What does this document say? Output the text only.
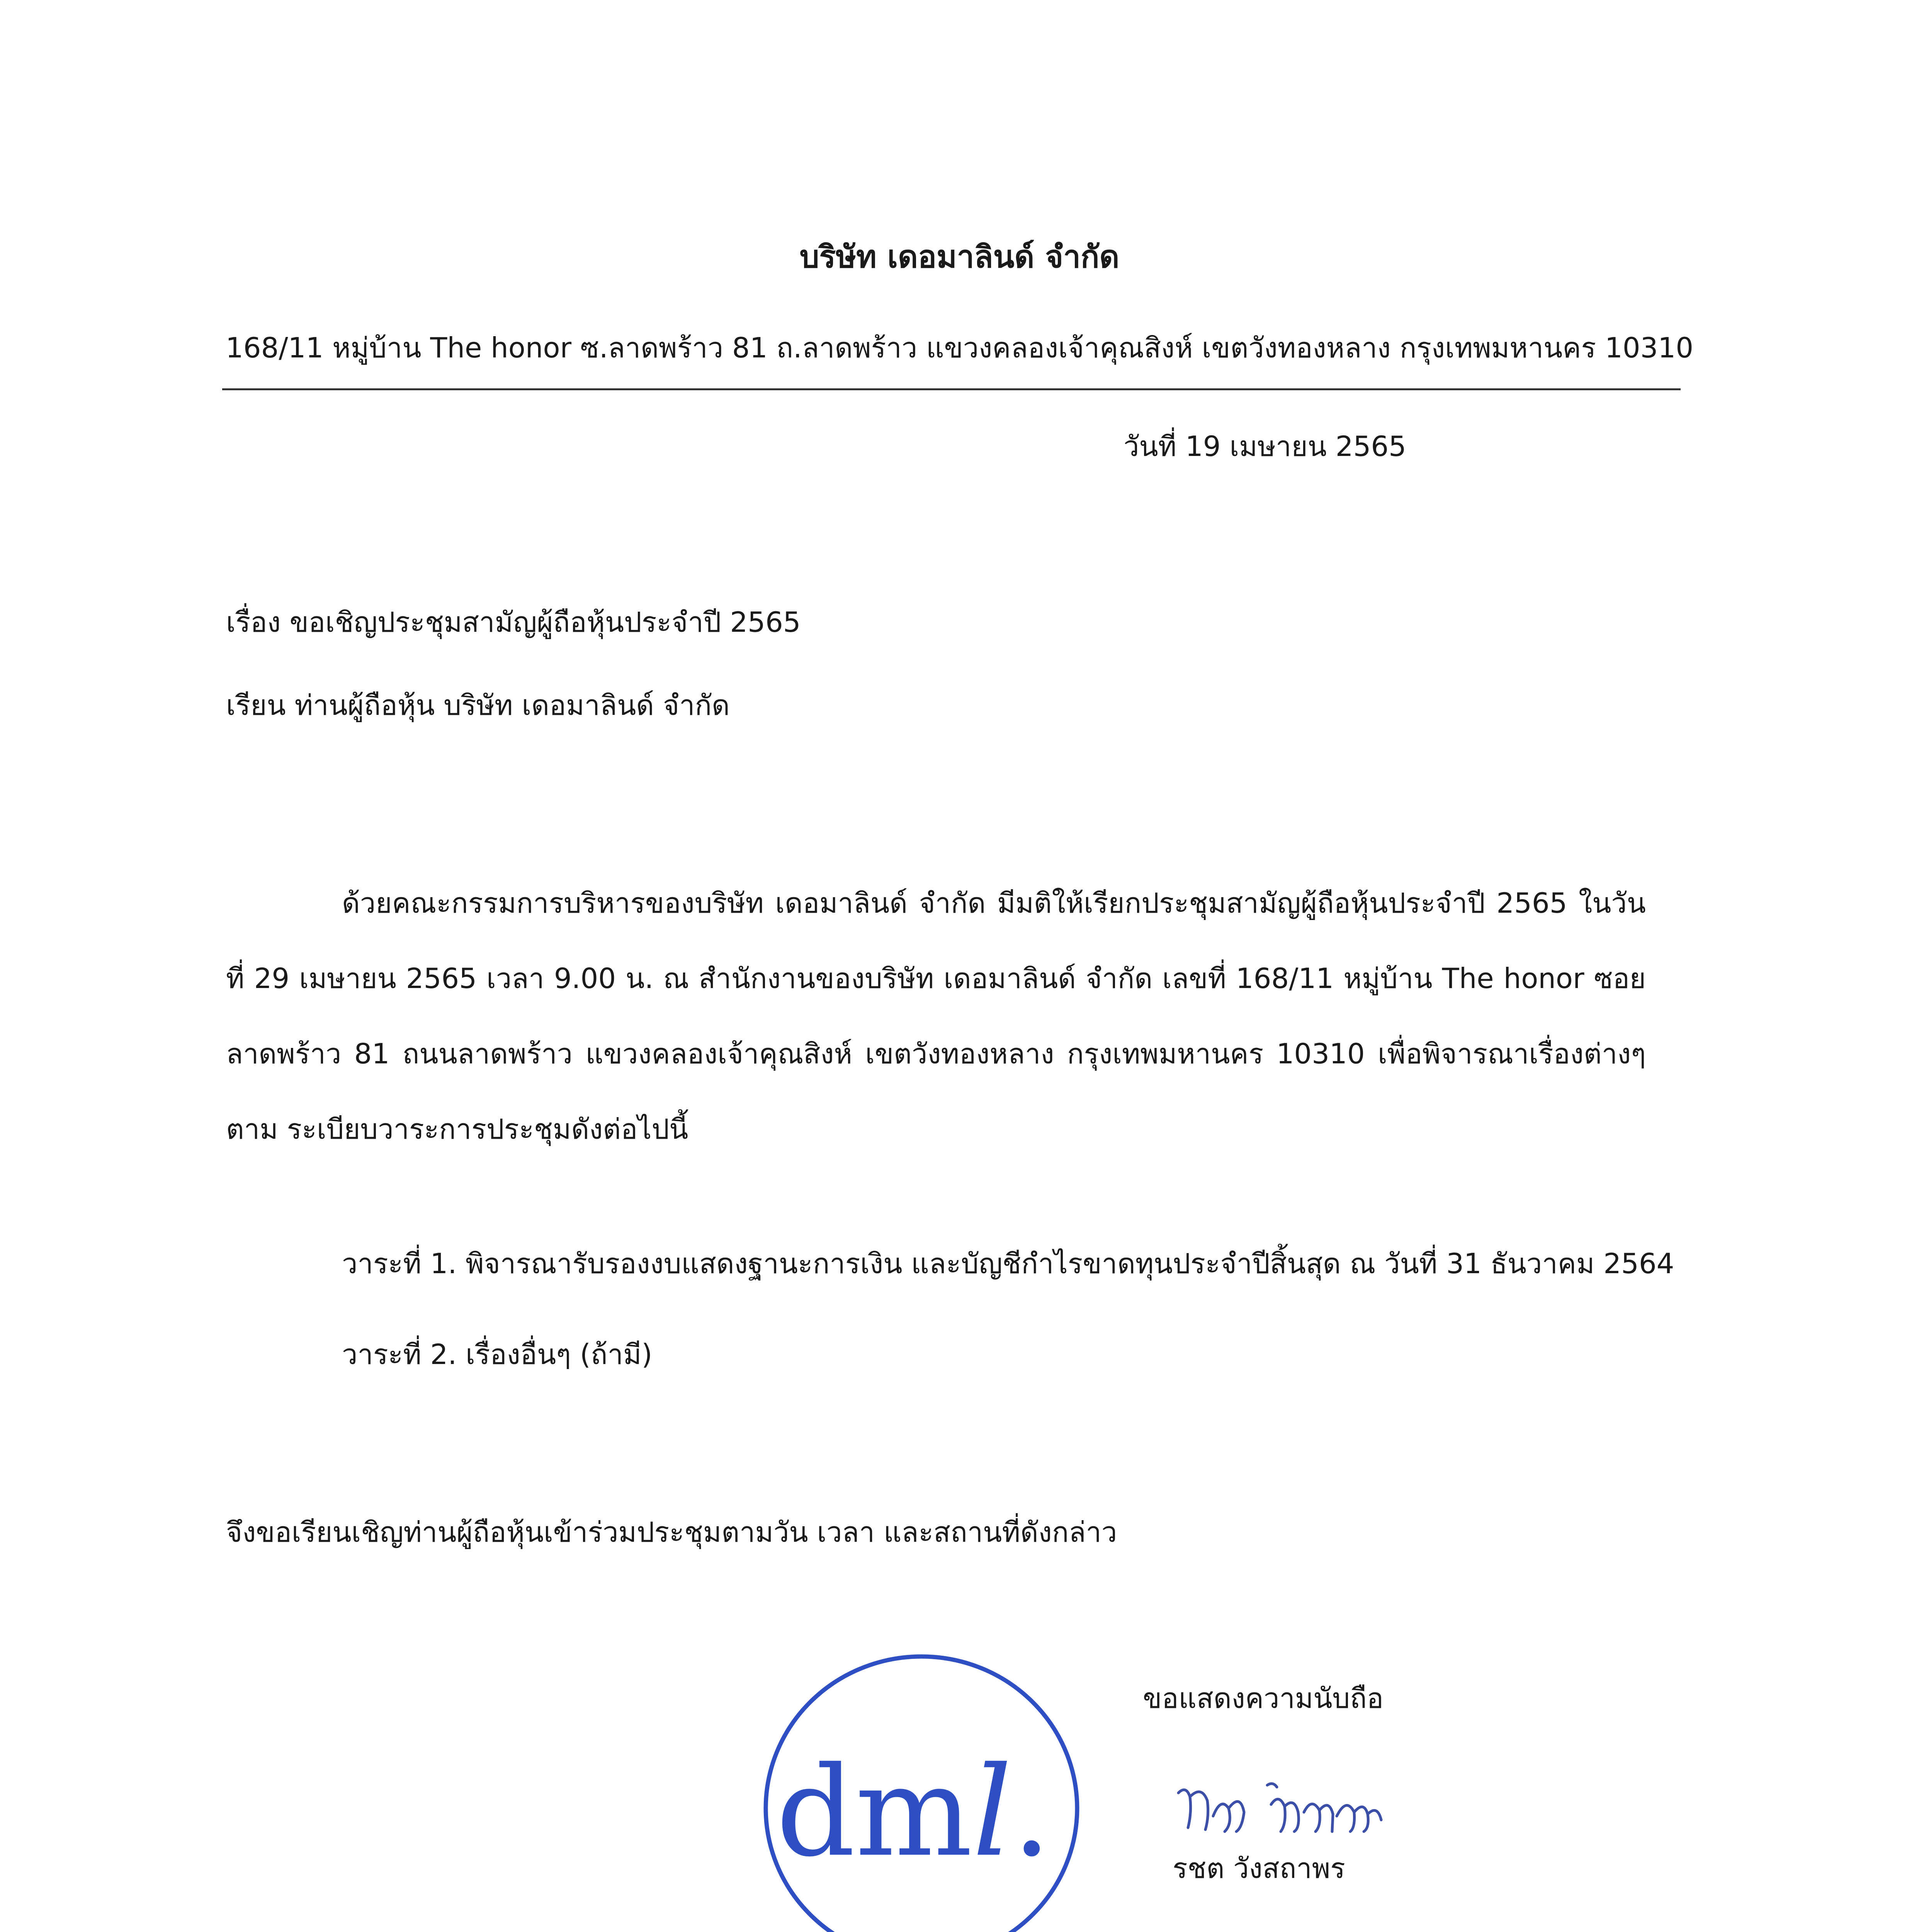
บริษัท เดอมาลินด์ จำกัด
168/11 หมู่บ้าน The honor ซ.ลาดพร้าว 81 ถ.ลาดพร้าว แขวงคลองเจ้าคุณสิงห์ เขตวังทองหลาง กรุงเทพมหานคร 10310
วันที่ 19 เมษายน 2565
เรื่อง ขอเชิญประชุมสามัญผู้ถือหุ้นประจำปี 2565
เรียน ท่านผู้ถือหุ้น บริษัท เดอมาลินด์ จำกัด
ด้วยคณะกรรมการบริหารของบริษัท เดอมาลินด์ จำกัด มีมติให้เรียกประชุมสามัญผู้ถือหุ้นประจำปี 2565 ในวันที่ 29 เมษายน 2565 เวลา 9.00 น. ณ สำนักงานของบริษัท เดอมาลินด์ จำกัด เลขที่ 168/11 หมู่บ้าน The honor ซอย ลาดพร้าว 81 ถนนลาดพร้าว แขวงคลองเจ้าคุณสิงห์ เขตวังทองหลาง กรุงเทพมหานคร 10310 เพื่อพิจารณาเรื่องต่างๆ ตาม ระเบียบวาระการประชุมดังต่อไปนี้
วาระที่ 1. พิจารณารับรองงบแสดงฐานะการเงิน และบัญชีกำไรขาดทุนประจำปีสิ้นสุด ณ วันที่ 31 ธันวาคม 2564
วาระที่ 2. เรื่องอื่นๆ (ถ้ามี)
จึงขอเรียนเชิญท่านผู้ถือหุ้นเข้าร่วมประชุมตามวัน เวลา และสถานที่ดังกล่าว
dml.
ขอแสดงความนับถือ
รชต วังสถาพร
